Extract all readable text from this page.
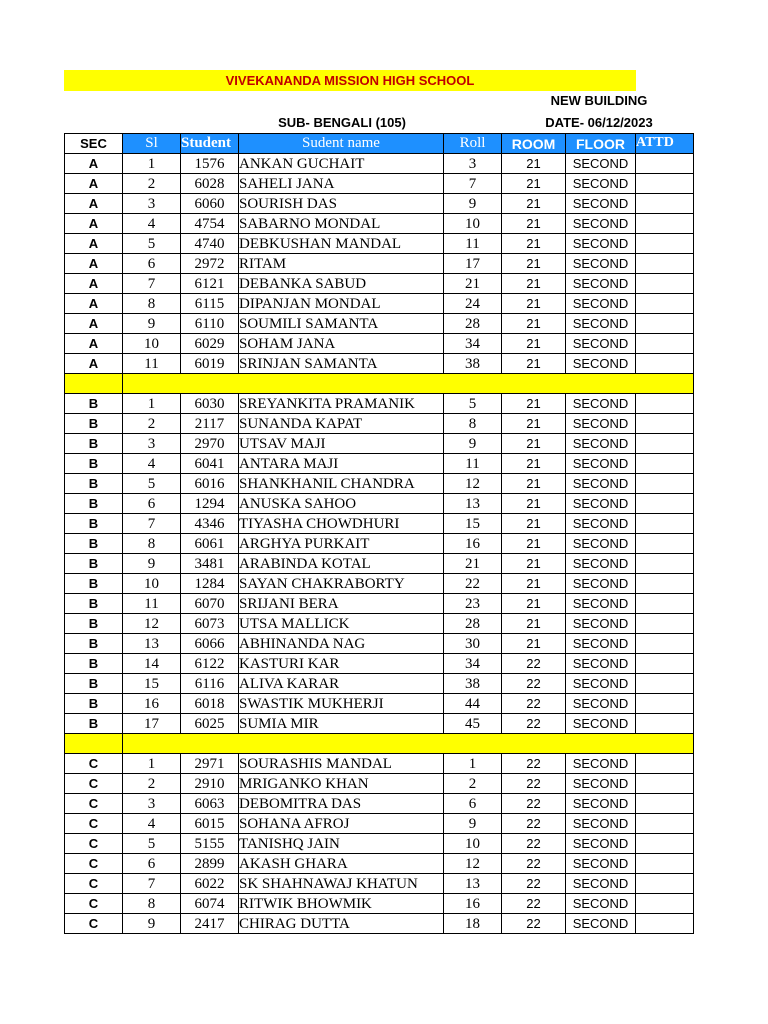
VIVEKANANDA MISSION HIGH SCHOOL
NEW BUILDING
SUB- BENGALI (105)	DATE- 06/12/2023
SEC	Sl	Student	Sudent name	Roll	ROOM	FLOOR	ATTD
A	1	1576	ANKAN GUCHAIT	3	21	SECOND	
A	2	6028	SAHELI JANA	7	21	SECOND	
A	3	6060	SOURISH DAS	9	21	SECOND	
A	4	4754	SABARNO MONDAL	10	21	SECOND	
A	5	4740	DEBKUSHAN MANDAL	11	21	SECOND	
A	6	2972	RITAM	17	21	SECOND	
A	7	6121	DEBANKA SABUD	21	21	SECOND	
A	8	6115	DIPANJAN MONDAL	24	21	SECOND	
A	9	6110	SOUMILI SAMANTA	28	21	SECOND	
A	10	6029	SOHAM JANA	34	21	SECOND	
A	11	6019	SRINJAN SAMANTA	38	21	SECOND	

B	1	6030	SREYANKITA PRAMANIK	5	21	SECOND	
B	2	2117	SUNANDA KAPAT	8	21	SECOND	
B	3	2970	UTSAV MAJI	9	21	SECOND	
B	4	6041	ANTARA MAJI	11	21	SECOND	
B	5	6016	SHANKHANIL CHANDRA	12	21	SECOND	
B	6	1294	ANUSKA SAHOO	13	21	SECOND	
B	7	4346	TIYASHA CHOWDHURI	15	21	SECOND	
B	8	6061	ARGHYA PURKAIT	16	21	SECOND	
B	9	3481	ARABINDA KOTAL	21	21	SECOND	
B	10	1284	SAYAN CHAKRABORTY	22	21	SECOND	
B	11	6070	SRIJANI BERA	23	21	SECOND	
B	12	6073	UTSA MALLICK	28	21	SECOND	
B	13	6066	ABHINANDA NAG	30	21	SECOND	
B	14	6122	KASTURI KAR	34	22	SECOND	
B	15	6116	ALIVA KARAR	38	22	SECOND	
B	16	6018	SWASTIK MUKHERJI	44	22	SECOND	
B	17	6025	SUMIA MIR	45	22	SECOND	

C	1	2971	SOURASHIS MANDAL	1	22	SECOND	
C	2	2910	MRIGANKO KHAN	2	22	SECOND	
C	3	6063	DEBOMITRA DAS	6	22	SECOND	
C	4	6015	SOHANA AFROJ	9	22	SECOND	
C	5	5155	TANISHQ JAIN	10	22	SECOND	
C	6	2899	AKASH GHARA	12	22	SECOND	
C	7	6022	SK SHAHNAWAJ KHATUN	13	22	SECOND	
C	8	6074	RITWIK BHOWMIK	16	22	SECOND	
C	9	2417	CHIRAG DUTTA	18	22	SECOND	
